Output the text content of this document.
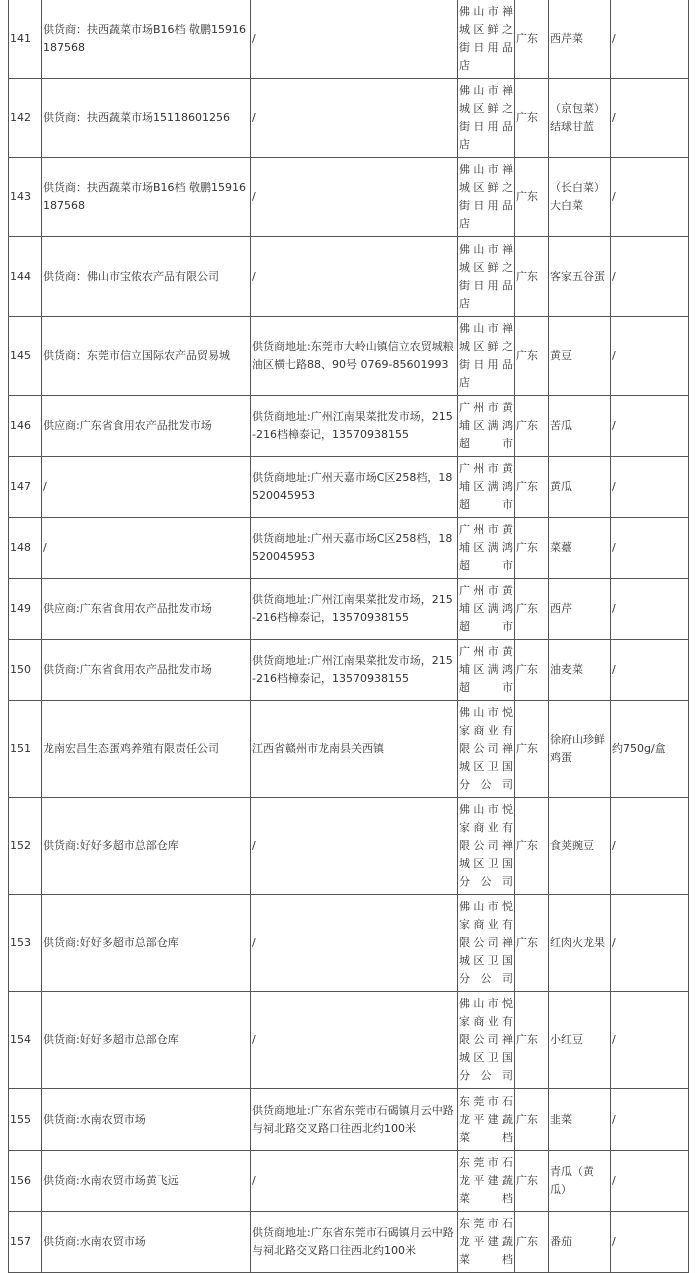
141	供货商：扶西蔬菜市场B16档 敬鹏15916187568	/	佛山市禅城区鲜之街日用品店	广东	西芹菜	/
142	供货商：扶西蔬菜市场15118601256	/	佛山市禅城区鲜之街日用品店	广东	（京包菜）结球甘蓝	/
143	供货商：扶西蔬菜市场B16档 敬鹏15916187568	/	佛山市禅城区鲜之街日用品店	广东	（长白菜）大白菜	/
144	供货商：佛山市宝侬农产品有限公司	/	佛山市禅城区鲜之街日用品店	广东	客家五谷蛋	/
145	供货商：东莞市信立国际农产品贸易城	供货商地址:东莞市大岭山镇信立农贸城粮油区横七路88、90号 0769-85601993	佛山市禅城区鲜之街日用品店	广东	黄豆	/
146	供应商:广东省食用农产品批发市场	供货商地址:广州江南果菜批发市场，215-216档樟泰记，13570938155	广州市黄埔区满鸿超市	广东	苦瓜	/
147	/	供货商地址:广州天嘉市场C区258档，18520045953	广州市黄埔区满鸿超市	广东	黄瓜	/
148	/	供货商地址:广州天嘉市场C区258档，18520045953	广州市黄埔区满鸿超市	广东	菜薹	/
149	供应商:广东省食用农产品批发市场	供货商地址:广州江南果菜批发市场，215-216档樟泰记，13570938155	广州市黄埔区满鸿超市	广东	西芹	/
150	供货商:广东省食用农产品批发市场	供货商地址:广州江南果菜批发市场，215-216档樟泰记，13570938155	广州市黄埔区满鸿超市	广东	油麦菜	/
151	龙南宏昌生态蛋鸡养殖有限责任公司	江西省赣州市龙南县关西镇	佛山市悦家商业有限公司禅城区卫国分公司	广东	徐府山珍鲜鸡蛋	约750g/盒
152	供货商:好好多超市总部仓库	/	佛山市悦家商业有限公司禅城区卫国分公司	广东	食荚豌豆	/
153	供货商:好好多超市总部仓库	/	佛山市悦家商业有限公司禅城区卫国分公司	广东	红肉火龙果	/
154	供货商:好好多超市总部仓库	/	佛山市悦家商业有限公司禅城区卫国分公司	广东	小红豆	/
155	供货商:水南农贸市场	供货商地址:广东省东莞市石碣镇月云中路与祠北路交叉路口往西北约100米	东莞市石龙平建蔬菜档	广东	韭菜	/
156	供货商:水南农贸市场黄飞远	/	东莞市石龙平建蔬菜档	广东	青瓜（黄瓜）	/
157	供货商:水南农贸市场	供货商地址:广东省东莞市石碣镇月云中路与祠北路交叉路口往西北约100米	东莞市石龙平建蔬菜档	广东	番茄	/
